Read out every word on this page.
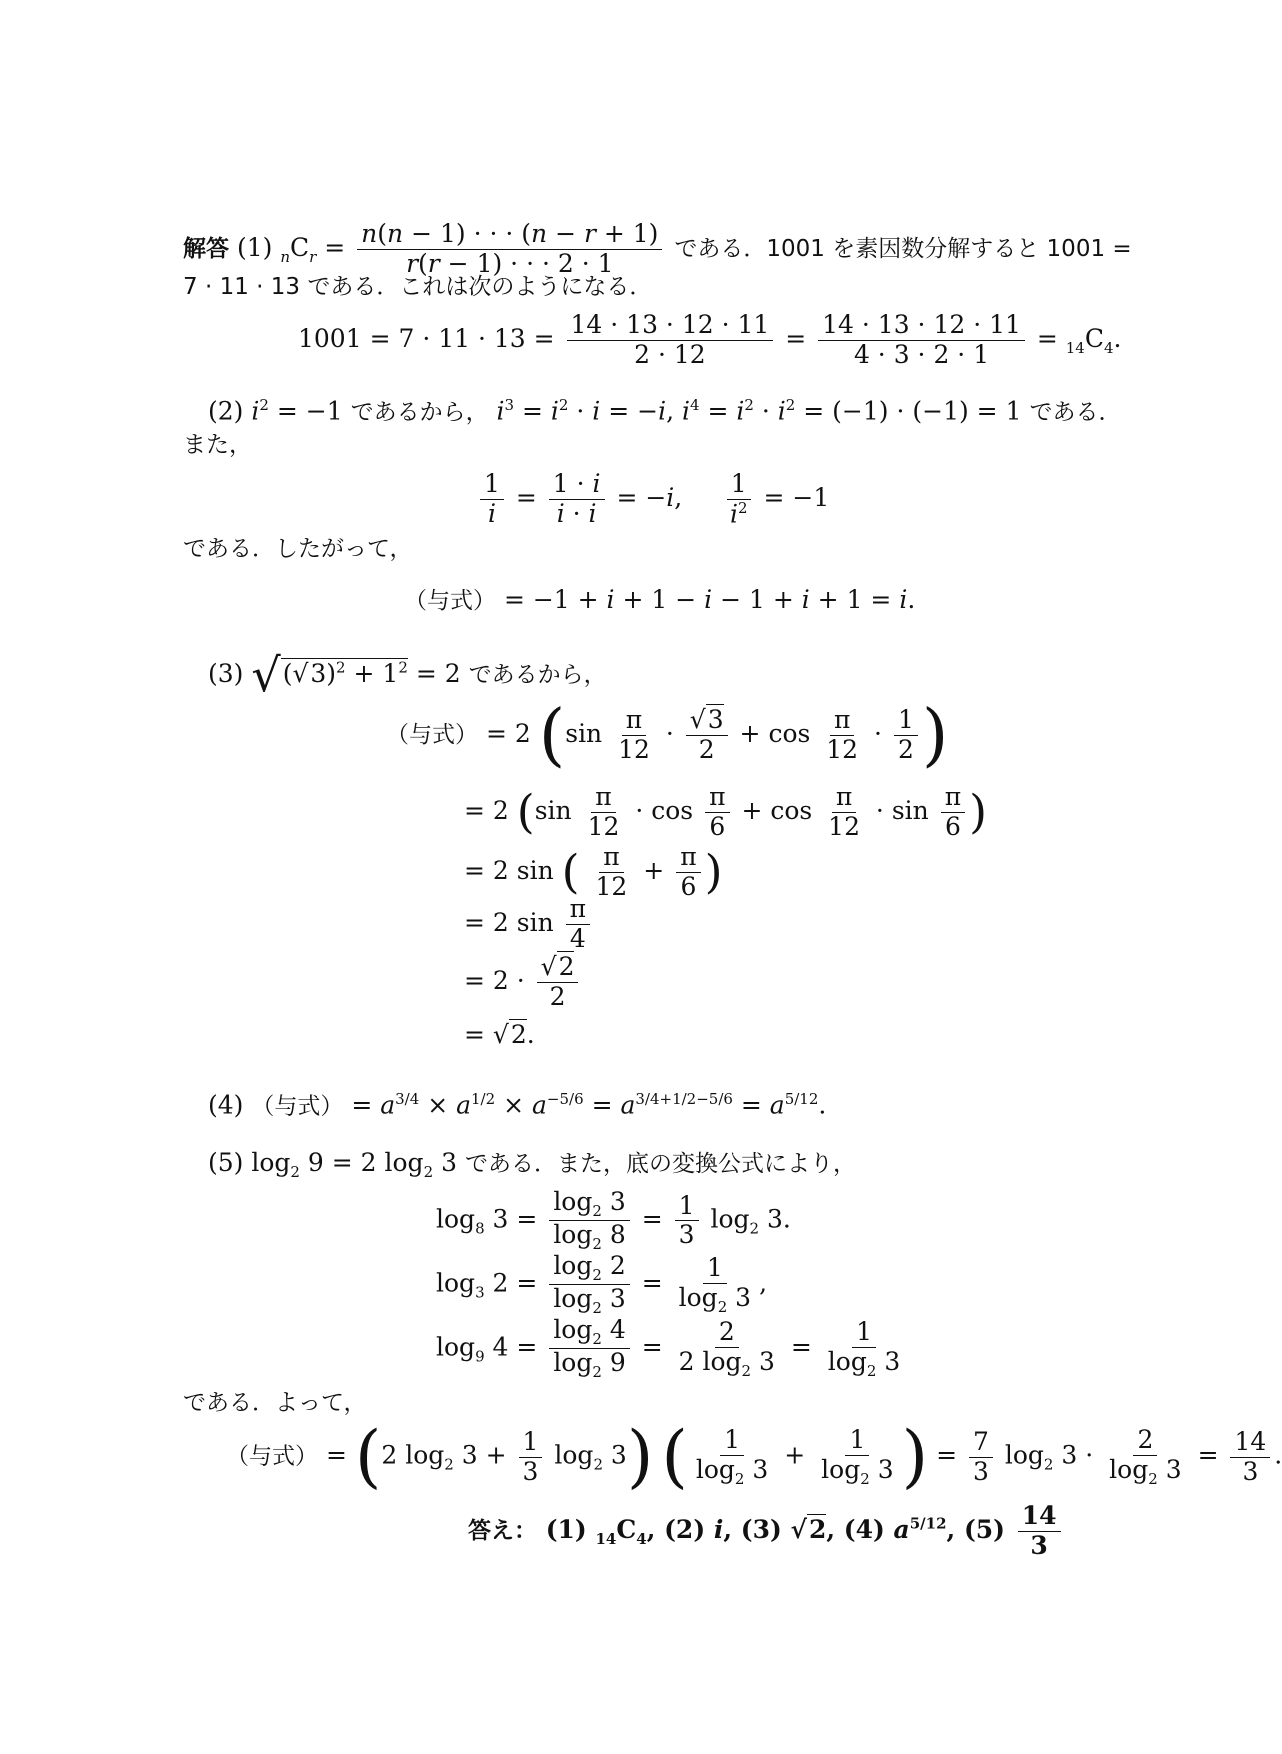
解答 (1) $_nC_r = \frac{n(n - 1) \cdot \cdot \cdot (n - r + 1)}{r(r - 1) \cdot \cdot \cdot 2 \cdot 1}$ である．1001 を素因数分解すると 1001 =
7 · 11 · 13 である．これは次のようになる．
$1001 = 7 \cdot 11 \cdot 13 = \frac{14 \cdot 13 \cdot 12 \cdot 11}{2 \cdot 12} = \frac{14 \cdot 13 \cdot 12 \cdot 11}{4 \cdot 3 \cdot 2 \cdot 1} = _{14}C_4$.
(2) $i^2 = -1$ であるから， $i^3 = i^2 \cdot i = -i$, $i^4 = i^2 \cdot i^2 = (-1) \cdot (-1) = 1$ である．
また，
$\frac{1}{i} = \frac{1 \cdot i}{i \cdot i} = -i$, $\frac{1}{i^2} = -1$
である．したがって，
（与式） = −1 + i + 1 − i − 1 + i + 1 = i.
(3) $√(√3)^2 + 1^2 = 2$ であるから，
（与式） = 2 ($\sin \frac{\pi}{12} \cdot \frac{√3}{2} + \cos \frac{\pi}{12} \cdot \frac{1}{2}$ )
= 2 ($\sin \frac{\pi}{12} \cdot \cos \frac{\pi}{6} + \cos \frac{\pi}{12} \cdot \sin \frac{\pi}{6}$ )
= 2 sin ( $\frac{\pi}{12} + \frac{\pi}{6}$ )
= 2 $\sin \frac{\pi}{4}$
= $2 \cdot \frac{√2}{2}$
= √2.
(4) （与式） = $a^{3/4} \times a^{1/2} \times a^{-5/6} = a^{3/4+1/2-5/6} = a^{5/12}$.
(5) $\log_2 9 = 2$ $\log_2 3$ である．また，底の変換公式により，
$\log_8 3 = \frac{\log_2 3}{\log_2 8} = \frac{1}{3} \log_2 3$.
$\log_3 2 = \frac{\log_2 2}{\log_2 3} = \frac{1}{\log_2 3}$ ,
$\log_9 4 = \frac{\log_2 4}{\log_2 9} = \frac{2}{2 \log_2 3} = \frac{1}{\log_2 3}$
である．よって，
（与式） = (2 $\log_2 3 + \frac{1}{3} \log_2 3$) ( $\frac{1}{\log_2 3} + \frac{1}{\log_2 3}$ ) = $\frac{7}{3} \log_2 3 \cdot \frac{2}{\log_2 3} = \frac{14}{3}$ .
答え： (1) $_{14}C_4$, (2) i, (3) √2, (4) $a^{5/12}$, $(5) \frac{14}{3}$
